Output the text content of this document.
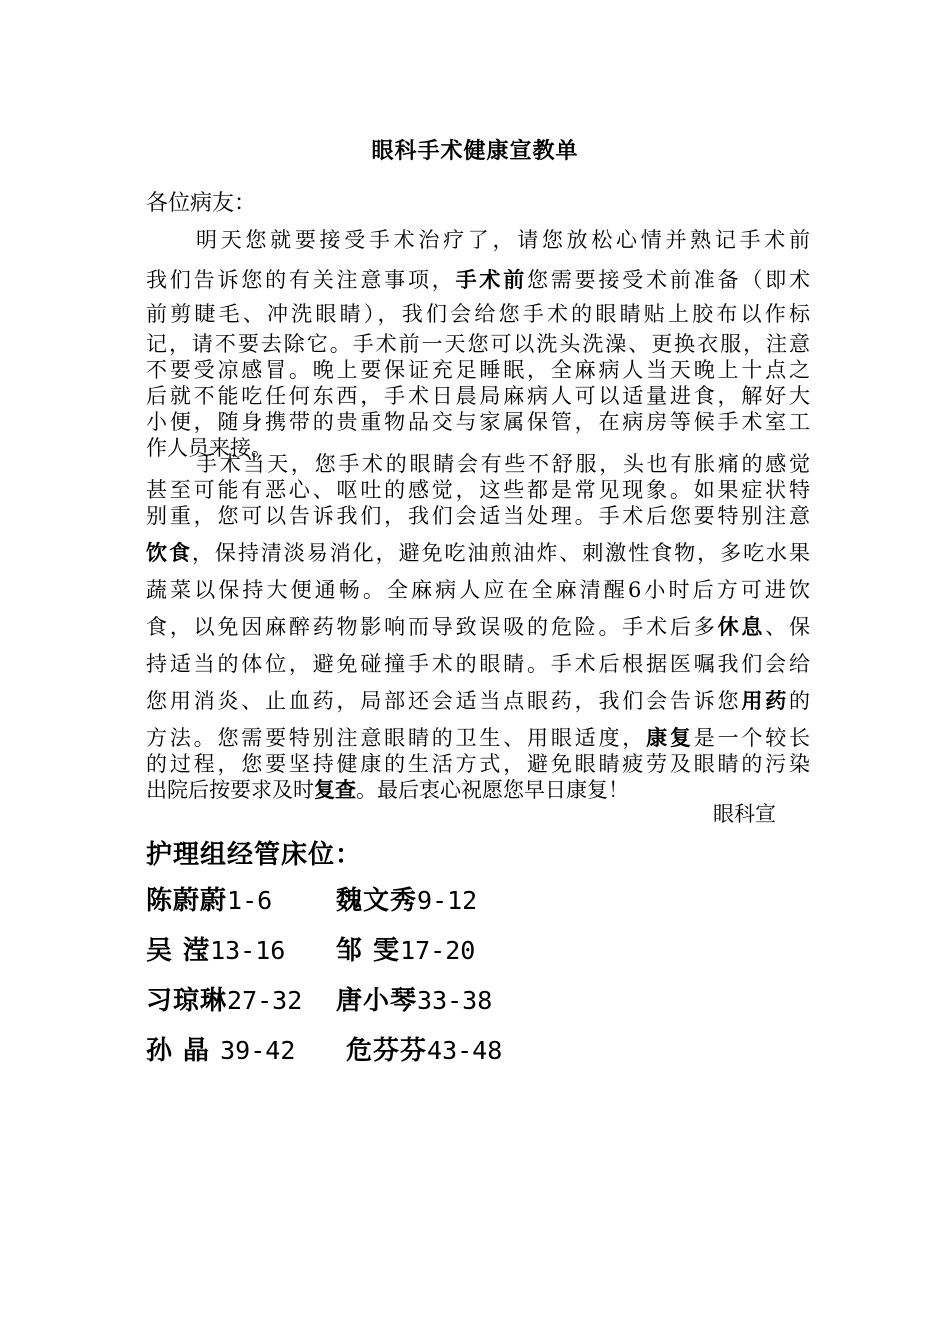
眼科手术健康宣教单
各位病友：
明天您就要接受手术治疗了，请您放松心情并熟记手术前
我们告诉您的有关注意事项，手术前您需要接受术前准备（即术
前剪睫毛、冲洗眼睛），我们会给您手术的眼睛贴上胶布以作标
记，请不要去除它。手术前一天您可以洗头洗澡、更换衣服，注意
不要受凉感冒。晚上要保证充足睡眠，全麻病人当天晚上十点之
后就不能吃任何东西，手术日晨局麻病人可以适量进食，解好大
小便，随身携带的贵重物品交与家属保管，在病房等候手术室工
作人员来接。
手术当天，您手术的眼睛会有些不舒服，头也有胀痛的感觉
甚至可能有恶心、呕吐的感觉，这些都是常见现象。如果症状特
别重，您可以告诉我们，我们会适当处理。手术后您要特别注意
饮食，保持清淡易消化，避免吃油煎油炸、刺激性食物，多吃水果
蔬菜以保持大便通畅。全麻病人应在全麻清醒6小时后方可进饮
食，以免因麻醉药物影响而导致误吸的危险。手术后多休息、保
持适当的体位，避免碰撞手术的眼睛。手术后根据医嘱我们会给
您用消炎、止血药，局部还会适当点眼药，我们会告诉您用药的
方法。您需要特别注意眼睛的卫生、用眼适度，康复是一个较长
的过程，您要坚持健康的生活方式，避免眼睛疲劳及眼睛的污染
出院后按要求及时复查。最后衷心祝愿您早日康复！
眼科宣
护理组经管床位：
陈蔚蔚1-6 魏文秀9-12
吴 滢13-16 邹 雯17-20
习琼琳27-32 唐小琴33-38
孙 晶 39-42 危芬芬43-48
